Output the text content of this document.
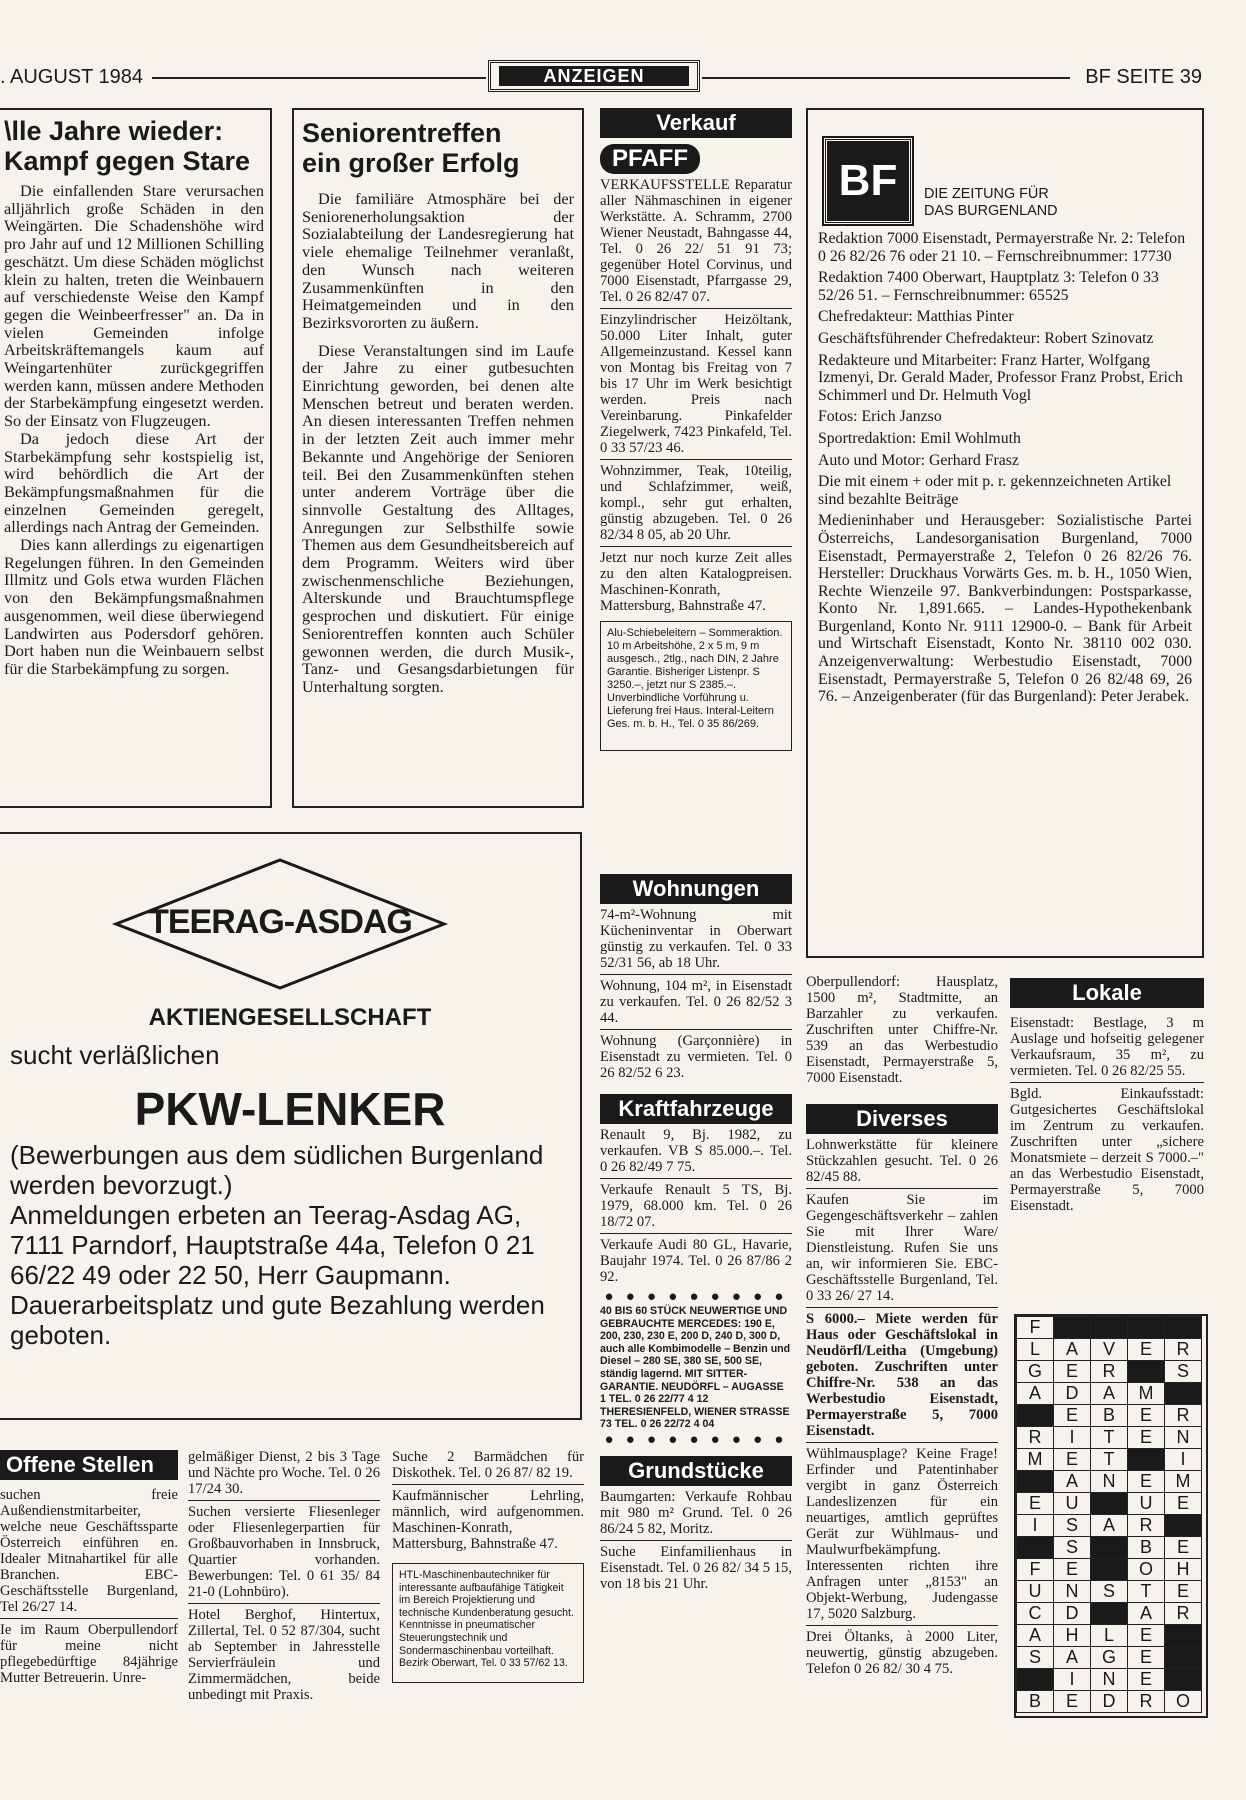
. AUGUST 1984	ANZEIGEN	BF SEITE 39
\lle Jahre wieder:
Kampf gegen Stare

Die einfallenden Stare verursachen alljährlich große Schäden in den Weingärten. Die Schadenshöhe wird pro Jahr auf und 12 Millionen Schilling geschätzt. Um diese Schäden möglichst klein zu halten, treten die Weinbauern auf verschiedenste Weise den Kampf gegen die Weinbeerfresser" an. Da in vielen Gemeinden infolge Arbeitskräftemangels kaum auf Weingartenhüter zurückgegriffen werden kann, müssen andere Methoden der Starbekämpfung eingesetzt werden. So der Einsatz von Flugzeugen.

Da jedoch diese Art der Starbekämpfung sehr kostspielig ist, wird behördlich die Art der Bekämpfungsmaßnahmen für die einzelnen Gemeinden geregelt, allerdings nach Antrag der Gemeinden.

Dies kann allerdings zu eigenartigen Regelungen führen. In den Gemeinden Illmitz und Gols etwa wurden Flächen von den Bekämpfungsmaßnahmen ausgenommen, weil diese überwiegend Landwirten aus Podersdorf gehören. Dort haben nun die Weinbauern selbst für die Starbekämpfung zu sorgen.

Seniorentreffen
ein großer Erfolg

Die familiäre Atmosphäre bei der Seniorenerholungsaktion der Sozialabteilung der Landesregierung hat viele ehemalige Teilnehmer veranlaßt, den Wunsch nach weiteren Zusammenkünften in den Heimatgemeinden und in den Bezirksvororten zu äußern.

Diese Veranstaltungen sind im Laufe der Jahre zu einer gutbesuchten Einrichtung geworden, bei denen alte Menschen betreut und beraten werden. An diesen interessanten Treffen nehmen in der letzten Zeit auch immer mehr Bekannte und Angehörige der Senioren teil. Bei den Zusammenkünften stehen unter anderem Vorträge über die sinnvolle Gestaltung des Alltages, Anregungen zur Selbsthilfe sowie Themen aus dem Gesundheitsbereich auf dem Programm. Weiters wird über zwischenmenschliche Beziehungen, Alterskunde und Brauchtumspflege gesprochen und diskutiert. Für einige Seniorentreffen konnten auch Schüler gewonnen werden, die durch Musik-, Tanz- und Gesangsdarbietungen für Unterhaltung sorgten.

Verkauf
PFAFF

VERKAUFSSTELLE Reparatur aller Nähmaschinen in eigener Werkstätte. A. Schramm, 2700 Wiener Neustadt, Bahngasse 44, Tel. 0 26 22/ 51 91 73; gegenüber Hotel Corvinus, und 7000 Eisenstadt, Pfarrgasse 29, Tel. 0 26 82/47 07.

Einzylindrischer Heizöltank, 50.000 Liter Inhalt, guter Allgemeinzustand. Kessel kann von Montag bis Freitag von 7 bis 17 Uhr im Werk besichtigt werden. Preis nach Vereinbarung. Pinkafelder Ziegelwerk, 7423 Pinkafeld, Tel. 0 33 57/23 46.

Wohnzimmer, Teak, 10teilig, und Schlafzimmer, weiß, kompl., sehr gut erhalten, günstig abzugeben. Tel. 0 26 82/34 8 05, ab 20 Uhr.

Jetzt nur noch kurze Zeit alles zu den alten Katalogpreisen. Maschinen-Konrath, Mattersburg, Bahnstraße 47.

Alu-Schiebeleitern – Sommeraktion. 10 m Arbeitshöhe, 2 x 5 m, 9 m ausgesch., 2tlg., nach DIN, 2 Jahre Garantie. Bisheriger Listenpr. S 3250.–, jetzt nur S 2385.–. Unverbindliche Vorführung u. Lieferung frei Haus. Interal-Leitern Ges. m. b. H., Tel. 0 35 86/269.
Wohnungen

74-m²-Wohnung mit Kücheninventar in Oberwart günstig zu verkaufen. Tel. 0 33 52/31 56, ab 18 Uhr.

Wohnung, 104 m², in Eisenstadt zu verkaufen. Tel. 0 26 82/52 3 44.

Wohnung (Garçonnière) in Eisenstadt zu vermieten. Tel. 0 26 82/52 6 23.

Kraftfahrzeuge

Renault 9, Bj. 1982, zu verkaufen. VB S 85.000.–. Tel. 0 26 82/49 7 75.

Verkaufe Renault 5 TS, Bj. 1979, 68.000 km. Tel. 0 26 18/72 07.

Verkaufe Audi 80 GL, Havarie, Baujahr 1974. Tel. 0 26 87/86 2 92.

● ● ● ● ● ● ● ● ●
40 BIS 60 STÜCK NEUWERTIGE UND GEBRAUCHTE MERCEDES: 190 E, 200, 230, 230 E, 200 D, 240 D, 300 D, auch alle Kombimodelle – Benzin und Diesel – 280 SE, 380 SE, 500 SE, ständig lagernd. MIT SITTER-GARANTIE. NEUDÖRFL – AUGASSE 1 TEL. 0 26 22/77 4 12 THERESIENFELD, WIENER STRASSE 73 TEL. 0 26 22/72 4 04
● ● ● ● ● ● ● ● ●
Grundstücke

Baumgarten: Verkaufe Rohbau mit 980 m² Grund. Tel. 0 26 86/24 5 82, Moritz.

Suche Einfamilienhaus in Eisenstadt. Tel. 0 26 82/ 34 5 15, von 18 bis 21 Uhr.

BF	DIE ZEITUNG FÜR
DAS BURGENLAND

Redaktion 7000 Eisenstadt, Permayerstraße Nr. 2: Telefon 0 26 82/26 76 oder 21 10. – Fernschreibnummer: 17730

Redaktion 7400 Oberwart, Hauptplatz 3: Telefon 0 33 52/26 51. – Fernschreibnummer: 65525

Chefredakteur: Matthias Pinter

Geschäftsführender Chefredakteur: Robert Szinovatz

Redakteure und Mitarbeiter: Franz Harter, Wolfgang Izmenyi, Dr. Gerald Mader, Professor Franz Probst, Erich Schimmerl und Dr. Helmuth Vogl

Fotos: Erich Janzso

Sportredaktion: Emil Wohlmuth

Auto und Motor: Gerhard Frasz

Die mit einem + oder mit p. r. gekennzeichneten Artikel sind bezahlte Beiträge

Medieninhaber und Herausgeber: Sozialistische Partei Österreichs, Landesorganisation Burgenland, 7000 Eisenstadt, Permayerstraße 2, Telefon 0 26 82/26 76. Hersteller: Druckhaus Vorwärts Ges. m. b. H., 1050 Wien, Rechte Wienzeile 97. Bankverbindungen: Postsparkasse, Konto Nr. 1,891.665. – Landes-Hypothekenbank Burgenland, Konto Nr. 9111 12900-0. – Bank für Arbeit und Wirtschaft Eisenstadt, Konto Nr. 38110 002 030. Anzeigenverwaltung: Werbestudio Eisenstadt, 7000 Eisenstadt, Permayerstraße 5, Telefon 0 26 82/48 69, 26 76. – Anzeigenberater (für das Burgenland): Peter Jerabek.

Oberpullendorf: Hausplatz, 1500 m², Stadtmitte, an Barzahler zu verkaufen. Zuschriften unter Chiffre-Nr. 539 an das Werbestudio Eisenstadt, Permayerstraße 5, 7000 Eisenstadt.

Lokale

Eisenstadt: Bestlage, 3 m Auslage und hofseitig gelegener Verkaufsraum, 35 m², zu vermieten. Tel. 0 26 82/25 55.

Bgld. Einkaufsstadt: Gutgesichertes Geschäftslokal im Zentrum zu verkaufen. Zuschriften unter „sichere Monatsmiete – derzeit S 7000.–" an das Werbestudio Eisenstadt, Permayerstraße 5, 7000 Eisenstadt.

Diverses

Lohnwerkstätte für kleinere Stückzahlen gesucht. Tel. 0 26 82/45 88.

Kaufen Sie im Gegengeschäftsverkehr – zahlen Sie mit Ihrer Ware/ Dienstleistung. Rufen Sie uns an, wir informieren Sie. EBC-Geschäftsstelle Burgenland, Tel. 0 33 26/ 27 14.

S 6000.– Miete werden für Haus oder Geschäftslokal in Neudörfl/Leitha (Umgebung) geboten. Zuschriften unter Chiffre-Nr. 538 an das Werbestudio Eisenstadt, Permayerstraße 5, 7000 Eisenstadt.

Wühlmausplage? Keine Frage! Erfinder und Patentinhaber vergibt in ganz Österreich Landeslizenzen für ein neuartiges, amtlich geprüftes Gerät zur Wühlmaus- und Maulwurfbekämpfung. Interessenten richten ihre Anfragen unter „8153" an Objekt-Werbung, Judengasse 17, 5020 Salzburg.

Drei Öltanks, à 2000 Liter, neuwertig, günstig abzugeben. Telefon 0 26 82/ 30 4 75.

F				
L	A	V	E	R
G	E	R		S
A	D	A	M	
	E	B	E	R
R	I	T	E	N
M	E	T		I
	A	N	E	M
E	U		U	E
I	S	A	R	
	S		B	E
F	E		O	H
U	N	S	T	E
C	D		A	R
A	H	L	E	
S	A	G	E	
	I	N	E	
B	E	D	R	O
TEERAG-ASDAG
AKTIENGESELLSCHAFT
sucht verläßlichen
PKW-LENKER
(Bewerbungen aus dem südlichen Burgenland werden bevorzugt.)
Anmeldungen erbeten an Teerag-Asdag AG, 7111 Parndorf, Hauptstraße 44a, Telefon 0 21 66/22 49 oder 22 50, Herr Gaupmann.
Dauerarbeitsplatz und gute Bezahlung werden geboten.
Offene Stellen

suchen freie Außendienstmitarbeiter, welche neue Geschäftssparte Österreich einführen en. Idealer Mitnahartikel für alle Branchen. EBC-Geschäftsstelle Burgenland, Tel 26/27 14.

Ie im Raum Oberpullendorf für meine nicht pflegebedürftige 84jährige Mutter Betreuerin. Unre-

gelmäßiger Dienst, 2 bis 3 Tage und Nächte pro Woche. Tel. 0 26 17/24 30.

Suchen versierte Fliesenleger oder Fliesenlegerpartien für Großbauvorhaben in Innsbruck, Quartier vorhanden. Bewerbungen: Tel. 0 61 35/ 84 21-0 (Lohnbüro).

Hotel Berghof, Hintertux, Zillertal, Tel. 0 52 87/304, sucht ab September in Jahresstelle Servierfräulein und Zimmermädchen, beide unbedingt mit Praxis.

Suche 2 Barmädchen für Diskothek. Tel. 0 26 87/ 82 19.

Kaufmännischer Lehrling, männlich, wird aufgenommen. Maschinen-Konrath, Mattersburg, Bahnstraße 47.

HTL-Maschinenbautechniker für interessante aufbaufähige Tätigkeit im Bereich Projektierung und technische Kundenberatung gesucht. Kenntnisse in pneumatischer Steuerungstechnik und Sondermaschinenbau vorteilhaft. Bezirk Oberwart, Tel. 0 33 57/62 13.
